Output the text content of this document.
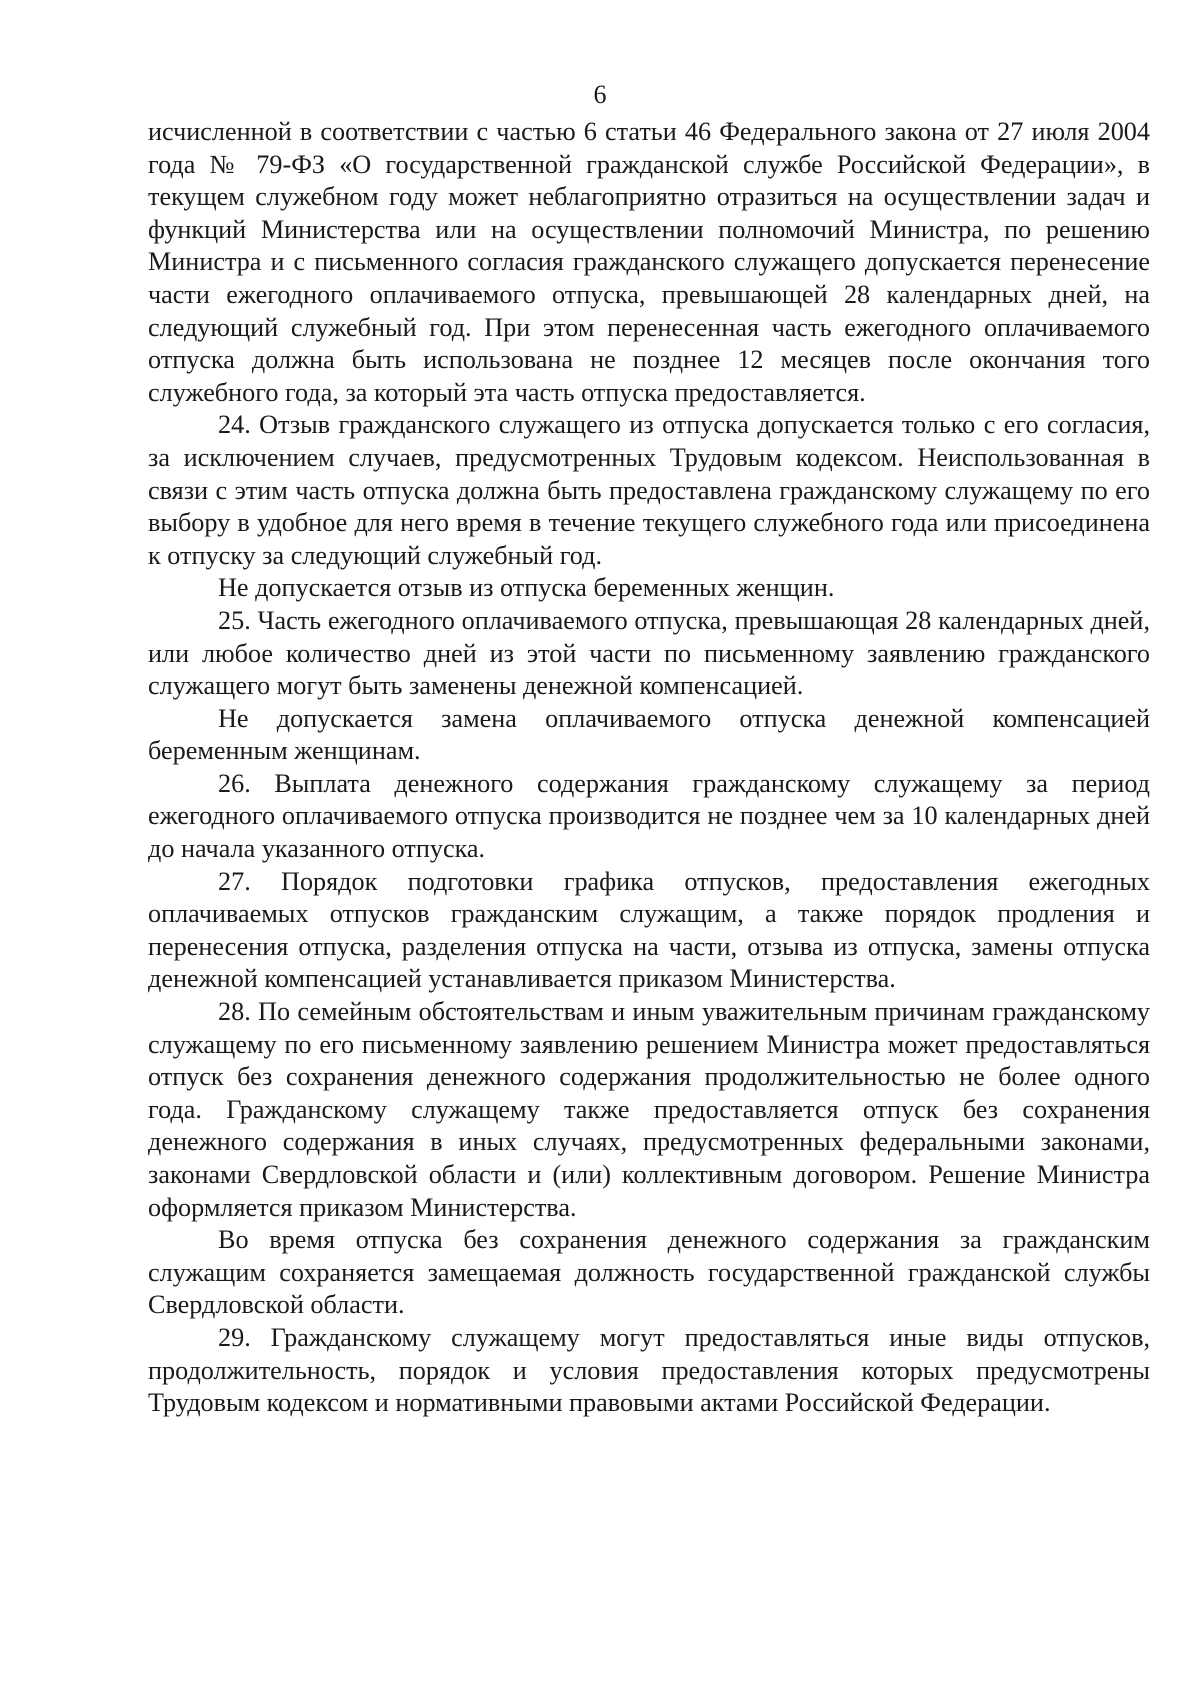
6

исчисленной в соответствии с частью 6 статьи 46 Федерального закона от 27 июля 2004 года № 79-ФЗ «О государственной гражданской службе Российской Федерации», в текущем служебном году может неблагоприятно отразиться на осуществлении задач и функций Министерства или на осуществлении полномочий Министра, по решению Министра и с письменного согласия гражданского служащего допускается перенесение части ежегодного оплачиваемого отпуска, превышающей 28 календарных дней, на следующий служебный год. При этом перенесенная часть ежегодного оплачиваемого отпуска должна быть использована не позднее 12 месяцев после окончания того служебного года, за который эта часть отпуска предоставляется.

24. Отзыв гражданского служащего из отпуска допускается только с его согласия, за исключением случаев, предусмотренных Трудовым кодексом. Неиспользованная в связи с этим часть отпуска должна быть предоставлена гражданскому служащему по его выбору в удобное для него время в течение текущего служебного года или присоединена к отпуску за следующий служебный год.

Не допускается отзыв из отпуска беременных женщин.

25. Часть ежегодного оплачиваемого отпуска, превышающая 28 календарных дней, или любое количество дней из этой части по письменному заявлению гражданского служащего могут быть заменены денежной компенсацией.

Не допускается замена оплачиваемого отпуска денежной компенсацией беременным женщинам.

26. Выплата денежного содержания гражданскому служащему за период ежегодного оплачиваемого отпуска производится не позднее чем за 10 календарных дней до начала указанного отпуска.

27. Порядок подготовки графика отпусков, предоставления ежегодных оплачиваемых отпусков гражданским служащим, а также порядок продления и перенесения отпуска, разделения отпуска на части, отзыва из отпуска, замены отпуска денежной компенсацией устанавливается приказом Министерства.

28. По семейным обстоятельствам и иным уважительным причинам гражданскому служащему по его письменному заявлению решением Министра может предоставляться отпуск без сохранения денежного содержания продолжительностью не более одного года. Гражданскому служащему также предоставляется отпуск без сохранения денежного содержания в иных случаях, предусмотренных федеральными законами, законами Свердловской области и (или) коллективным договором. Решение Министра оформляется приказом Министерства.

Во время отпуска без сохранения денежного содержания за гражданским служащим сохраняется замещаемая должность государственной гражданской службы Свердловской области.

29. Гражданскому служащему могут предоставляться иные виды отпусков, продолжительность, порядок и условия предоставления которых предусмотрены Трудовым кодексом и нормативными правовыми актами Российской Федерации.
